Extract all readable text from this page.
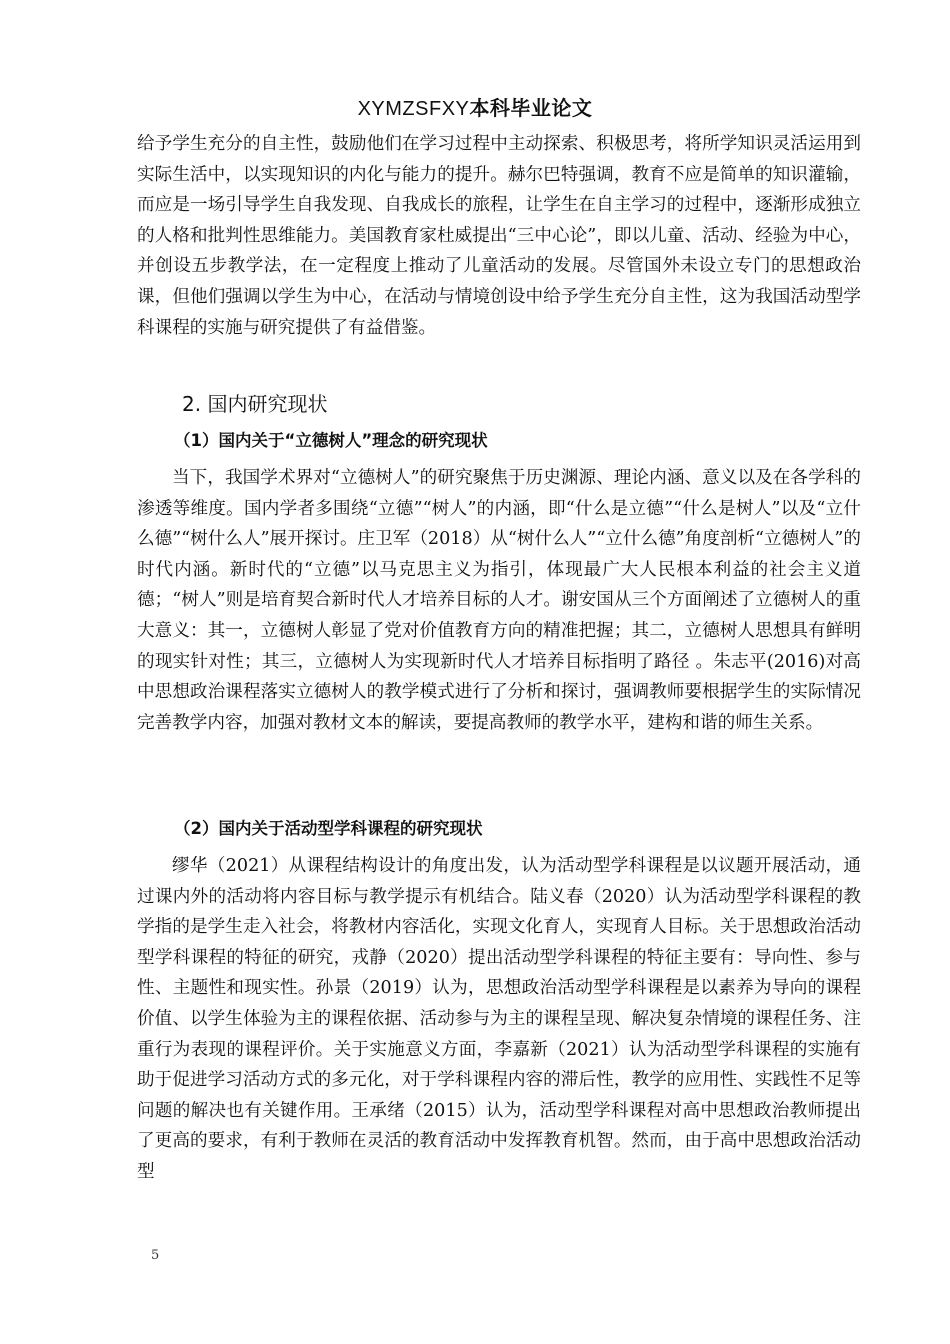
XYMZSFXY本科毕业论文
给予学生充分的自主性，鼓励他们在学习过程中主动探索、积极思考，将所学知识灵活运用到实际生活中，以实现知识的内化与能力的提升。赫尔巴特强调，教育不应是简单的知识灌输，而应是一场引导学生自我发现、自我成长的旅程，让学生在自主学习的过程中，逐渐形成独立的人格和批判性思维能力。美国教育家杜威提出“三中心论”，即以儿童、活动、经验为中心，并创设五步教学法，在一定程度上推动了儿童活动的发展。尽管国外未设立专门的思想政治课，但他们强调以学生为中心，在活动与情境创设中给予学生充分自主性，这为我国活动型学科课程的实施与研究提供了有益借鉴。
2. 国内研究现状
（1）国内关于“立德树人”理念的研究现状
当下，我国学术界对“立德树人”的研究聚焦于历史渊源、理论内涵、意义以及在各学科的渗透等维度。国内学者多围绕“立德”“树人”的内涵，即“什么是立德”“什么是树人”以及“立什么德”“树什么人”展开探讨。庄卫军（2018）从“树什么人”“立什么德”角度剖析“立德树人”的时代内涵。新时代的“立德”以马克思主义为指引，体现最广大人民根本利益的社会主义道德；“树人”则是培育契合新时代人才培养目标的人才。谢安国从三个方面阐述了立德树人的重大意义：其一，立德树人彰显了党对价值教育方向的精准把握；其二，立德树人思想具有鲜明的现实针对性；其三，立德树人为实现新时代人才培养目标指明了路径 。朱志平(2016)对高中思想政治课程落实立德树人的教学模式进行了分析和探讨，强调教师要根据学生的实际情况完善教学内容，加强对教材文本的解读，要提高教师的教学水平，建构和谐的师生关系。
（2）国内关于活动型学科课程的研究现状
缪华（2021）从课程结构设计的角度出发，认为活动型学科课程是以议题开展活动，通过课内外的活动将内容目标与教学提示有机结合。陆义春（2020）认为活动型学科课程的教学指的是学生走入社会，将教材内容活化，实现文化育人，实现育人目标。关于思想政治活动型学科课程的特征的研究，戎静（2020）提出活动型学科课程的特征主要有：导向性、参与性、主题性和现实性。孙景（2019）认为，思想政治活动型学科课程是以素养为导向的课程价值、以学生体验为主的课程依据、活动参与为主的课程呈现、解决复杂情境的课程任务、注重行为表现的课程评价。关于实施意义方面，李嘉新（2021）认为活动型学科课程的实施有助于促进学习活动方式的多元化，对于学科课程内容的滞后性，教学的应用性、实践性不足等问题的解决也有关键作用。王承绪（2015）认为，活动型学科课程对高中思想政治教师提出了更高的要求，有利于教师在灵活的教育活动中发挥教育机智。然而，由于高中思想政治活动型
5
